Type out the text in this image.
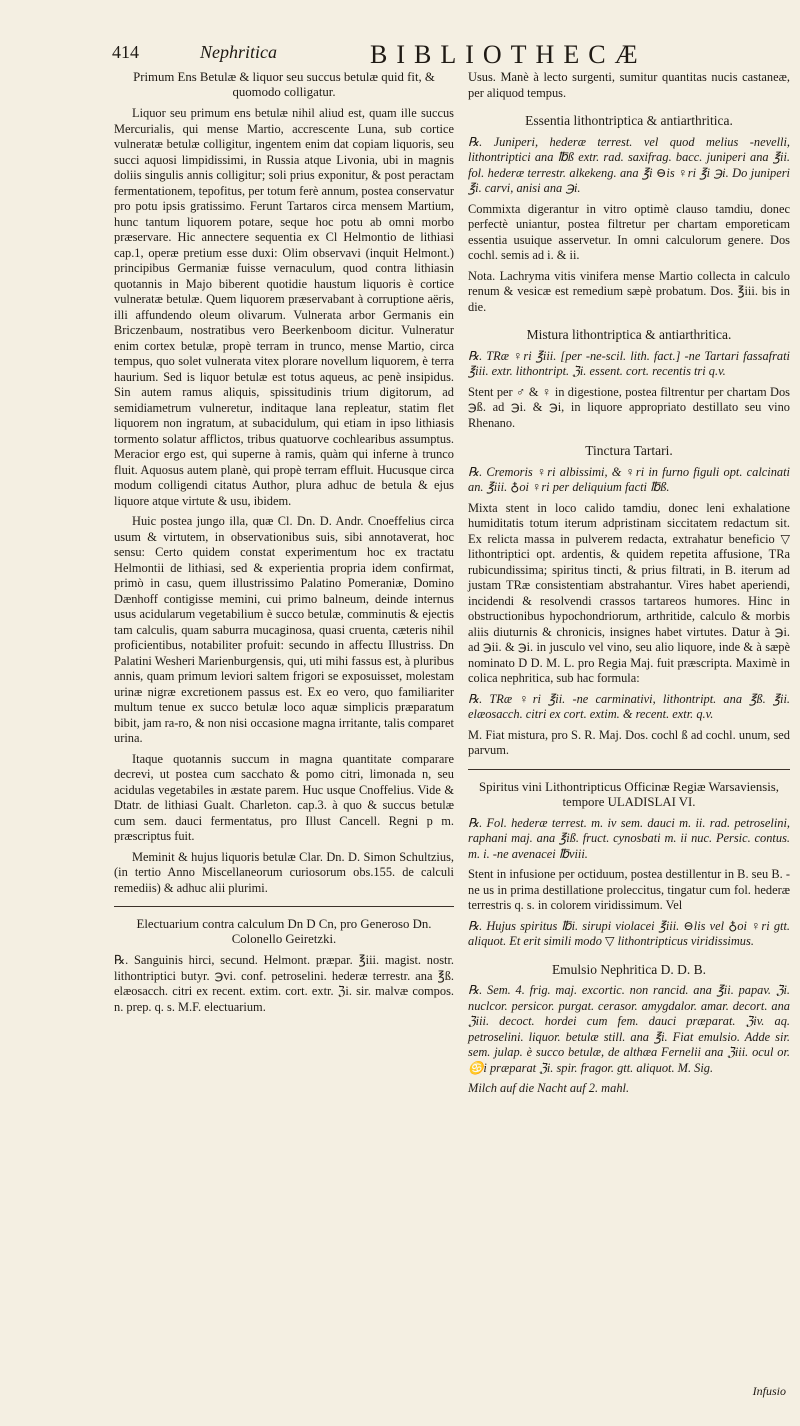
414	Nephritica	BIBLIOTHECÆ
Primum Ens Betulæ & liquor seu succus betulæ quid fit, & quomodo colligatur.

Liquor seu primum ens betulæ nihil aliud est, quam ille succus Mercurialis, qui mense Martio, accrescente Luna, sub cortice vulneratæ betulæ colligitur, ingentem enim dat copiam liquoris, seu succi aquosi limpidissimi, in Russia atque Livonia, ubi in magnis doliis singulis annis colligitur; soli prius exponitur, & post peractam fermentationem, tepofitus, per totum ferè annum, postea conservatur pro potu ipsis gratissimo. Ferunt Tartaros circa mensem Martium, hunc tantum liquorem potare, seque hoc potu ab omni morbo præservare. Hic annectere sequentia ex Cl Helmontio de lithiasi cap.1, operæ pretium esse duxi: Olim observavi (inquit Helmont.) principibus Germaniæ fuisse vernaculum, quod contra lithiasin quotannis in Majo biberent quotidie haustum liquoris è cortice vulneratæ betulæ. Quem liquorem præservabant à corruptione aëris, illi affundendo oleum olivarum. Vulnerata arbor Germanis ein Briczenbaum, nostratibus vero Beerkenboom dicitur. Vulneratur enim cortex betulæ, propè terram in trunco, mense Martio, circa tempus, quo solet vulnerata vitex plorare novellum liquorem, è terra haurium. Sed is liquor betulæ est totus aqueus, ac penè insipidus. Sin autem ramus aliquis, spissitudinis trium digitorum, ad semidiametrum vulneretur, inditaque lana repleatur, statim flet liquorem non ingratum, at subacidulum, qui etiam in ipso lithiasis tormento solatur afflictos, tribus quatuorve cochlearibus assumptus. Meracior ergo est, qui superne à ramis, quàm qui inferne à trunco fluit. Aquosus autem planè, qui propè terram effluit. Hucusque circa modum colligendi citatus Author, plura adhuc de betula & ejus liquore atque virtute & usu, ibidem.

Huic postea jungo illa, quæ Cl. Dn. D. Andr. Cnoeffelius circa usum & virtutem, in observationibus suis, sibi annotaverat, hoc sensu: Certo quidem constat experimentum hoc ex tractatu Helmontii de lithiasi, sed & experientia propria idem confirmat, primò in casu, quem illustrissimo Palatino Pomeraniæ, Domino Dænhoff contigisse memini, cui primo balneum, deinde internus usus acidularum vegetabilium è succo betulæ, comminutis & ejectis tam calculis, quam saburra mucaginosa, quasi cruenta, cæteris nihil proficientibus, notabiliter profuit: secundo in affectu Illustriss. Dn Palatini Wesheri Marienburgensis, qui, uti mihi fassus est, à pluribus annis, quam primum leviori saltem frigori se exposuisset, molestam urinæ nigræ excretionem passus est. Ex eo vero, quo familiariter multum tenue ex succo betulæ loco aquæ simplicis præparatum bibit, jam ra-ro, & non nisi occasione magna irritante, talis comparet urina.

Itaque quotannis succum in magna quantitate comparare decrevi, ut postea cum sacchato & pomo citri, limonada n, seu acidulas vegetabiles in æstate parem. Huc usque Cnoffelius. Vide & Dtatr. de lithiasi Gualt. Charleton. cap.3. à quo & succus betulæ cum sem. dauci fermentatus, pro Illust Cancell. Regni p m. præscriptus fuit.

Meminit & hujus liquoris betulæ Clar. Dn. D. Simon Schultzius, (in tertio Anno Miscellaneorum curiosorum obs.155. de calculi remediis) & adhuc alii plurimi.

Electuarium contra calculum Dn D Cn, pro Generoso Dn. Colonello Geiretzki.

℞. Sanguinis hirci, secund. Helmont. præpar. ℥iii. magist. nostr. lithontriptici butyr. ℈vi. conf. petroselini. hederæ terrestr. ana ℥ß. elæosacch. citri ex recent. extim. cort. extr. ℨi. sir. malvæ compos. n. prep. q. s. M.F. electuarium.

Usus. Manè à lecto surgenti, sumitur quantitas nucis castaneæ, per aliquod tempus.

Essentia lithontriptica & antiarthritica.

℞. Juniperi, hederæ terrest. vel quod melius -nevelli, lithontriptici ana ℔ß extr. rad. saxifrag. bacc. juniperi ana ℥ii. fol. hederæ terrestr. alkekeng. ana ℥i ⊖is ♀ri ℥i ℈i. Do juniperi ℥i. carvi, anisi ana ℈i.

Commixta digerantur in vitro optimè clauso tamdiu, donec perfectè uniantur, postea filtretur per chartam emporeticam essentia usuique asservetur. In omni calculorum genere. Dos cochl. semis ad i. & ii.

Nota. Lachryma vitis vinifera mense Martio collecta in calculo renum & vesicæ est remedium sæpè probatum. Dos. ℥iii. bis in die.

Mistura lithontriptica & antiarthritica.

℞. TRæ ♀ri ℥iii. [per -ne-scil. lith. fact.] -ne Tartari fassafrati ℥iii. extr. lithontript. ℨi. essent. cort. recentis tri q.v.

Stent per ♂ & ♀ in digestione, postea filtrentur per chartam Dos ℈ß. ad ℈i. & ℈i, in liquore appropriato destillato seu vino Rhenano.

Tinctura Tartari.

℞. Cremoris ♀ri albissimi, & ♀ri in furno figuli opt. calcinati an. ℥iii. ♁oi ♀ri per deliquium facti ℔ß.

Mixta stent in loco calido tamdiu, donec leni exhalatione humiditatis totum iterum adpristinam siccitatem redactum sit. Ex relicta massa in pulverem redacta, extrahatur beneficio ▽ lithontriptici opt. ardentis, & quidem repetita affusione, TRa rubicundissima; spiritus tincti, & prius filtrati, in B. iterum ad justam TRæ consistentiam abstrahantur. Vires habet aperiendi, incidendi & resolvendi crassos tartareos humores. Hinc in obstructionibus hypochondriorum, arthritide, calculo & morbis aliis diuturnis & chronicis, insignes habet virtutes. Datur à ℈i. ad ℈ii. & ℈i. in jusculo vel vino, seu alio liquore, inde & à sæpè nominato D D. M. L. pro Regia Maj. fuit præscripta. Maximè in colica nephritica, sub hac formula:

℞. TRæ ♀ri ℥ii. -ne carminativi, lithontript. ana ℥ß. ℥ii. elæosacch. citri ex cort. extim. & recent. extr. q.v.

M. Fiat mistura, pro S. R. Maj. Dos. cochl ß ad cochl. unum, sed parvum.

Spiritus vini Lithontripticus Officinæ Regiæ Warsaviensis, tempore ULADISLAI VI.

℞. Fol. hederæ terrest. m. iv sem. dauci m. ii. rad. petroselini, raphani maj. ana ℥iß. fruct. cynosbati m. ii nuc. Persic. contus. m. i. -ne avenacei ℔viii.

Stent in infusione per octiduum, postea destillentur in B. seu B. -ne us in prima destillatione proleccitus, tingatur cum fol. hederæ terrestris q. s. in colorem viridissimum. Vel

℞. Hujus spiritus ℔i. sirupi violacei ℥iii. ⊖lis vel ♁oi ♀ri gtt. aliquot. Et erit simili modo ▽ lithontripticus viridissimus.

Emulsio Nephritica D. D. B.

℞. Sem. 4. frig. maj. excortic. non rancid. ana ℥ii. papav. ℨi. nuclcor. persicor. purgat. cerasor. amygdalor. amar. decort. ana ℨiii. decoct. hordei cum fem. dauci præparat. ℨiv. aq. petroselini. liquor. betulæ still. ana ℥i. Fiat emulsio. Adde sir. sem. julap. è succo betulæ, de althæa Fernelii ana ℨiii. ocul or. ♋i præparat ℨi. spir. fragor. gtt. aliquot. M. Sig.

Milch auf die Nacht auf 2. mahl.

Infusio
